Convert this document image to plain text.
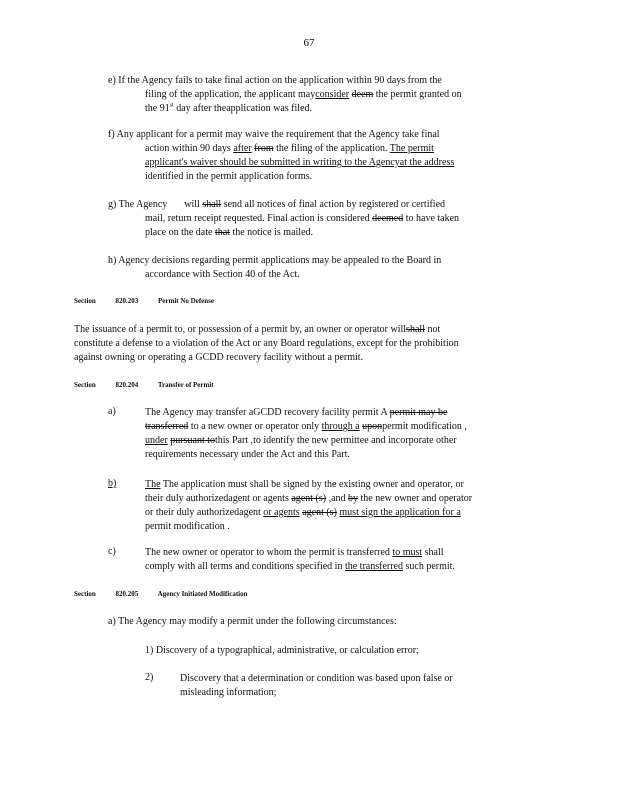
67
e) If the Agency fails to take final action on the application within 90 days from the
filing of the application, the applicant mayconsider deem the permit granted on
the 91st day after theapplication was filed.
f) Any applicant for a permit may waive the requirement that the Agency take final
action within 90 days after from the filing of the application. The permit
applicant's waiver should be submitted in writing to the Agencyat the address
identified in the permit application forms.
g) The Agency will shall send all notices of final action by registered or certified
mail, return receipt requested. Final action is considered deemed to have taken
place on the date that the notice is mailed.
h) Agency decisions regarding permit applications may be appealed to the Board in
accordance with Section 40 of the Act.
Section	820.203	Permit No Defense
The issuance of a permit to, or possession of a permit by, an owner or operator willshall not
constitute a defense to a violation of the Act or any Board regulations, except for the prohibition
against owning or operating a GCDD recovery facility without a permit.
Section	820.204	Transfer of Permit
a)	The Agency may transfer aGCDD recovery facility permit A permit may be
transferred to a new owner or operator only through a uponpermit modification ,
under pursuant tothis Part ,to identify the new permittee and incorporate other
requirements necessary under the Act and this Part.
b)	The The application must shall be signed by the existing owner and operator, or
their duly authorizedagent or agents agent (s) ,and by the new owner and operator
or their duly authorizedagent or agents agent (s) must sign the application for a
permit modification .
c)	The new owner or operator to whom the permit is transferred to must shall
comply with all terms and conditions specified in the transferred such permit.
Section	820.205	Agency Initiated Modification
a) The Agency may modify a permit under the following circumstances:
1) Discovery of a typographical, administrative, or calculation error;
2)	Discovery that a determination or condition was based upon false or
misleading information;
